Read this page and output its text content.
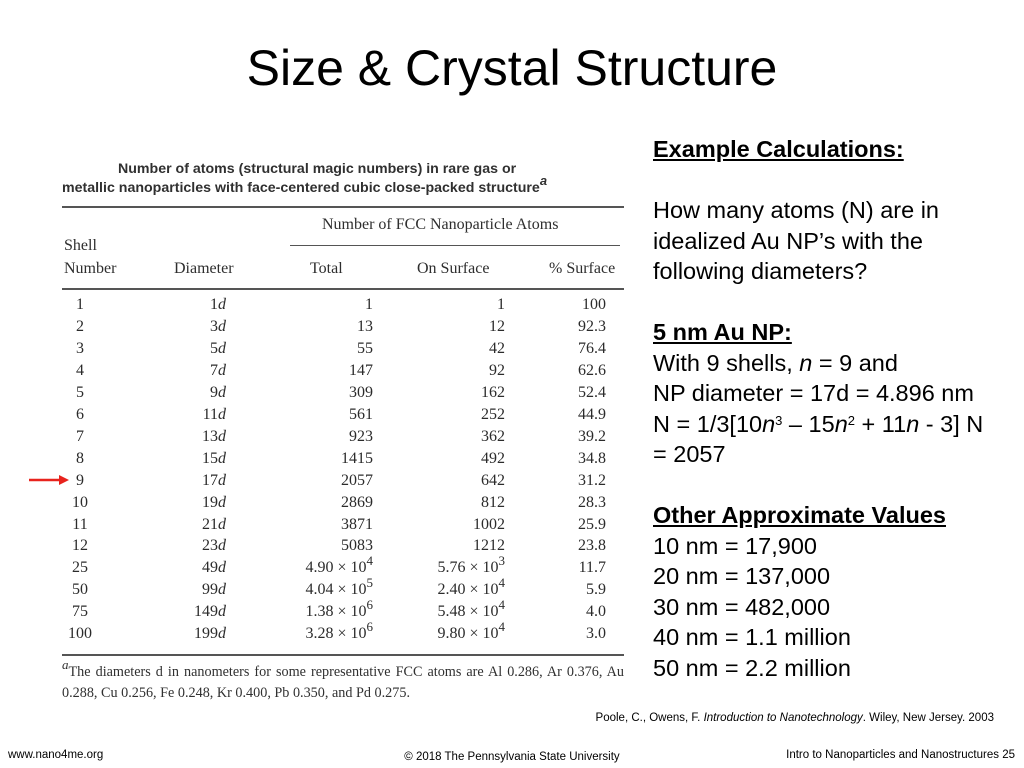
Size & Crystal Structure
Number of atoms (structural magic numbers) in rare gas or
metallic nanoparticles with face-centered cubic close-packed structure$^a$
Number of FCC Nanoparticle Atoms
Shell
Number	Diameter	Total	On Surface	% Surface
1	1d	1	1	100
2	3d	13	12	92.3
3	5d	55	42	76.4
4	7d	147	92	62.6
5	9d	309	162	52.4
6	11d	561	252	44.9
7	13d	923	362	39.2
8	15d	1415	492	34.8
9	17d	2057	642	31.2
10	19d	2869	812	28.3
11	21d	3871	1002	25.9
12	23d	5083	1212	23.8
25	49d	$4.90 \times 10^4$	$5.76 \times 10^3$	11.7
50	99d	$4.04 \times 10^5$	$2.40 \times 10^4$	5.9
75	149d	$1.38 \times 10^6$	$5.48 \times 10^4$	4.0
100	199d	$3.28 \times 10^6$	$9.80 \times 10^4$	3.0
$^a$The diameters d in nanometers for some representative FCC atoms are Al 0.286, Ar 0.376, Au 0.288, Cu 0.256, Fe 0.248, Kr 0.400, Pb 0.350, and Pd 0.275.
Example Calculations:
How many atoms (N) are in
idealized Au NP’s with the
following diameters?
5 nm Au NP:
With 9 shells, n = 9 and
NP diameter = 17d = 4.896 nm
$N = 1/3[10n^3 - 15n^2 + 11n - 3]$ N
= 2057
Other Approximate Values
10 nm = 17,900
20 nm = 137,000
30 nm = 482,000
40 nm = 1.1 million
50 nm = 2.2 million
Poole, C., Owens, F. Introduction to Nanotechnology. Wiley, New Jersey. 2003
www.nano4me.org	© 2018 The Pennsylvania State University	Intro to Nanoparticles and Nanostructures 25
